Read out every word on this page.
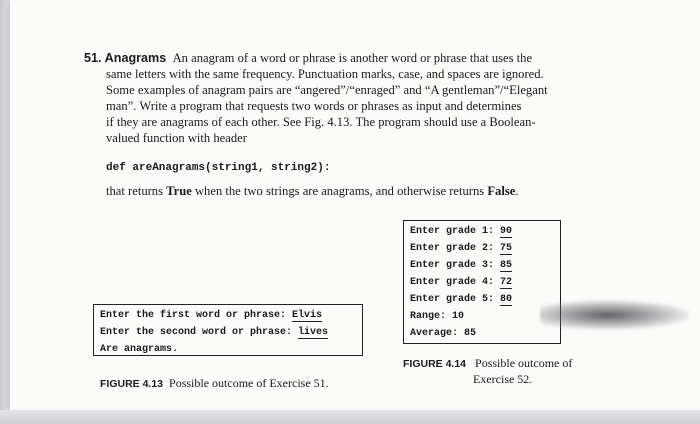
51. Anagrams An anagram of a word or phrase is another word or phrase that uses the

same letters with the same frequency. Punctuation marks, case, and spaces are ignored.

Some examples of anagram pairs are “angered”/“enraged” and “A gentleman”/“Elegant

man”. Write a program that requests two words or phrases as input and determines

if they are anagrams of each other. See Fig. 4.13. The program should use a Boolean-

valued function with header

def areAnagrams(string1, string2):
that returns True when the two strings are anagrams, and otherwise returns False.
Enter grade 1: 90
Enter grade 2: 75
Enter grade 3: 85
Enter grade 4: 72
Enter grade 5: 80
Range: 10
Average: 85
Enter the first word or phrase: Elvis
Enter the second word or phrase: lives
Are anagrams.
FIGURE 4.13 Possible outcome of Exercise 51.
FIGURE 4.14 Possible outcome of
Exercise 52.
